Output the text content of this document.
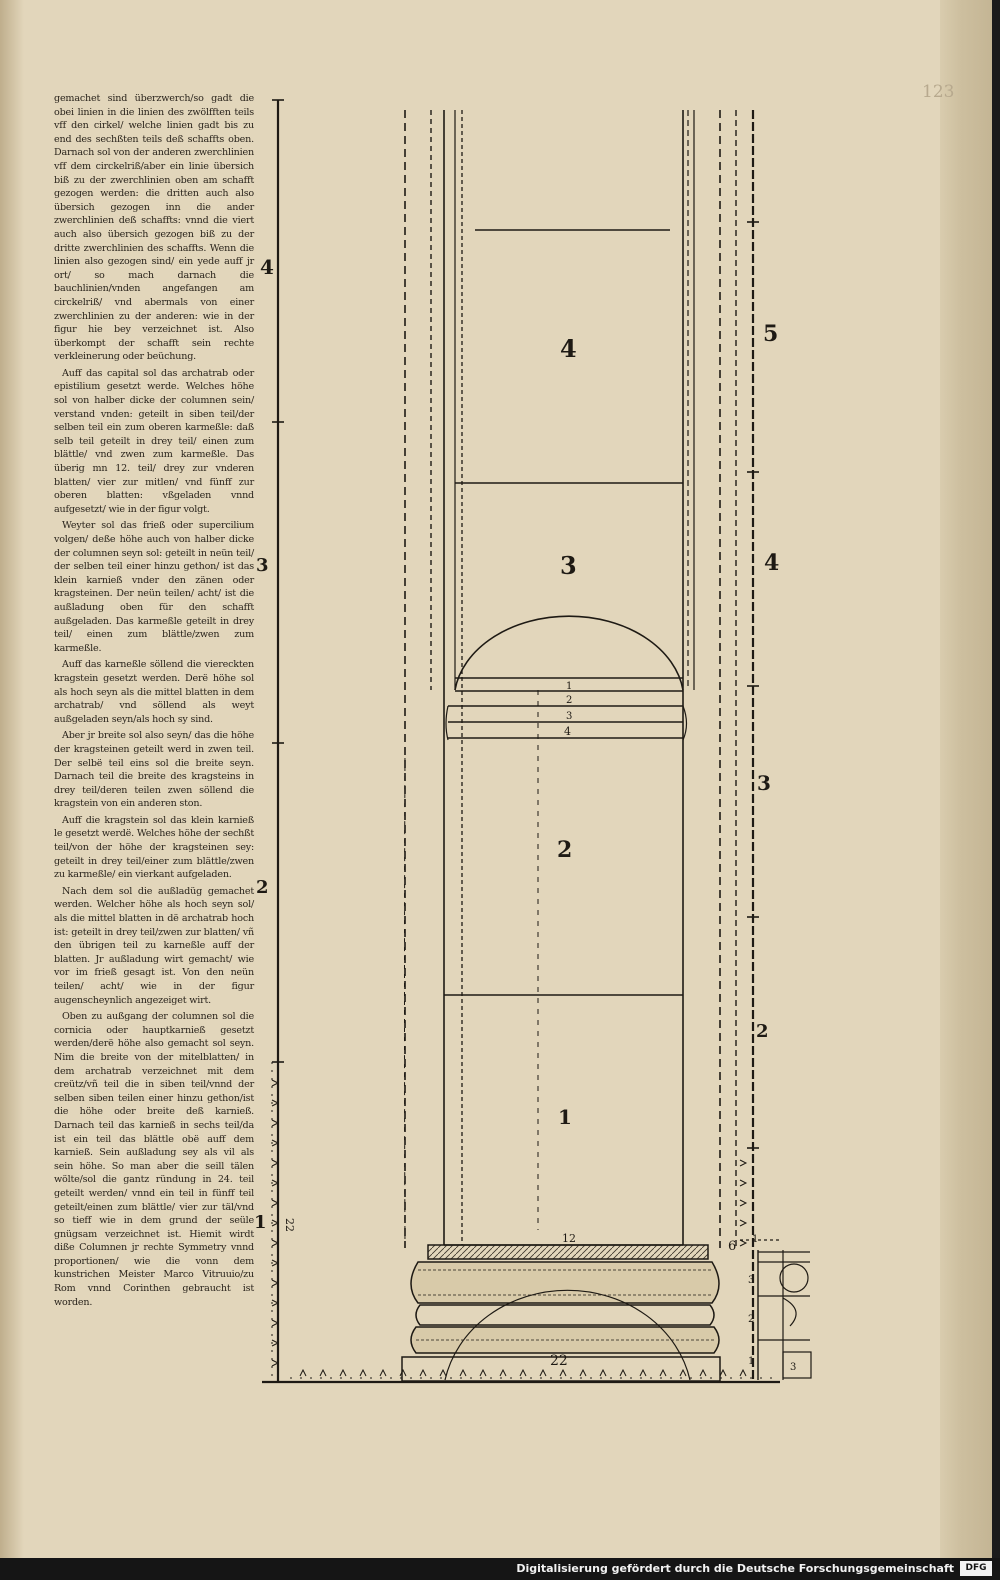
123

gemachet sind überzwerch/so gadt die obei linien in die linien des zwölfften teils vff den cirkel/ welche linien gadt bis zu end des sechßten teils deß schaffts oben. Darnach sol von der anderen zwerchlinien vff dem circkelriß/aber ein linie übersich biß zu der zwerchlinien oben am schafft gezogen werden: die dritten auch also übersich gezogen inn die ander zwerchlinien deß schaffts: vnnd die viert auch also übersich gezogen biß zu der dritte zwerchlinien des schaffts. Wenn die linien also gezogen sind/ ein yede auff jr ort/ so mach darnach die bauchlinien/vnden angefangen am circkelriß/ vnd abermals von einer zwerchlinien zu der anderen: wie in der figur hie bey verzeichnet ist. Also überkompt der schafft sein rechte verkleinerung oder beüchung.

Auff das capital sol das archatrab oder epistilium gesetzt werde. Welches höhe sol von halber dicke der columnen sein/ verstand vnden: geteilt in siben teil/der selben teil ein zum oberen karmeßle: daß selb teil geteilt in drey teil/ einen zum blättle/ vnd zwen zum karmeßle. Das überig mn 12. teil/ drey zur vnderen blatten/ vier zur mitlen/ vnd fünff zur oberen blatten: vßgeladen vnnd aufgesetzt/ wie in der figur volgt.

Weyter sol das frieß oder supercilium volgen/ deße höhe auch von halber dicke der columnen seyn sol: geteilt in neün teil/ der selben teil einer hinzu gethon/ ist das klein karnieß vnder den zänen oder kragsteinen. Der neün teilen/ acht/ ist die außladung oben für den schafft außgeladen. Das karmeßle geteilt in drey teil/ einen zum blättle/zwen zum karmeßle.

Auff das karneßle söllend die viereckten kragstein gesetzt werden. Derë höhe sol als hoch seyn als die mittel blatten in dem archatrab/ vnd söllend als weyt außgeladen seyn/als hoch sy sind.

Aber jr breite sol also seyn/ das die höhe der kragsteinen geteilt werd in zwen teil. Der selbë teil eins sol die breite seyn. Darnach teil die breite des kragsteins in drey teil/deren teilen zwen söllend die kragstein von ein anderen ston.

Auff die kragstein sol das klein karnieß le gesetzt werdë. Welches höhe der sechßt teil/von der höhe der kragsteinen sey: geteilt in drey teil/einer zum blättle/zwen zu karmeßle/ ein vierkant aufgeladen.

Nach dem sol die außladüg gemachet werden. Welcher höhe als hoch seyn sol/ als die mittel blatten in dë archatrab hoch ist: geteilt in drey teil/zwen zur blatten/ vñ den übrigen teil zu karneßle auff der blatten. Jr außladung wirt gemacht/ wie vor im frieß gesagt ist. Von den neün teilen/ acht/ wie in der figur augenscheynlich angezeiget wirt.

Oben zu außgang der columnen sol die cornicia oder hauptkarnieß gesetzt werden/derë höhe also gemacht sol seyn. Nim die breite von der mitelblatten/ in dem archatrab verzeichnet mit dem creütz/vñ teil die in siben teil/vnnd der selben siben teilen einer hinzu gethon/ist die höhe oder breite deß karnieß. Darnach teil das karnieß in sechs teil/da ist ein teil das blättle obë auff dem karnieß. Sein außladung sey als vil als sein höhe. So man aber die seill tälen wölte/sol die gantz ründung in 24. teil geteilt werden/ vnnd ein teil in fünff teil geteilt/einen zum blättle/ vier zur täl/vnd so tieff wie in dem grund der seüle gnügsam verzeichnet ist. Hiemit wirdt diße Columnen jr rechte Symmetry vnnd proportionen/ wie die vonn dem kunstrichen Meister Marco Vitruuio/zu Rom vnnd Corinthen gebraucht ist worden.

4
3
2
1
5
4
3
2
4
3
2
1 22
1
2
3
4
12
22
6 1
3
2
1
3
Digitalisierung gefördert durch die Deutsche Forschungsgemeinschaft	DFG
